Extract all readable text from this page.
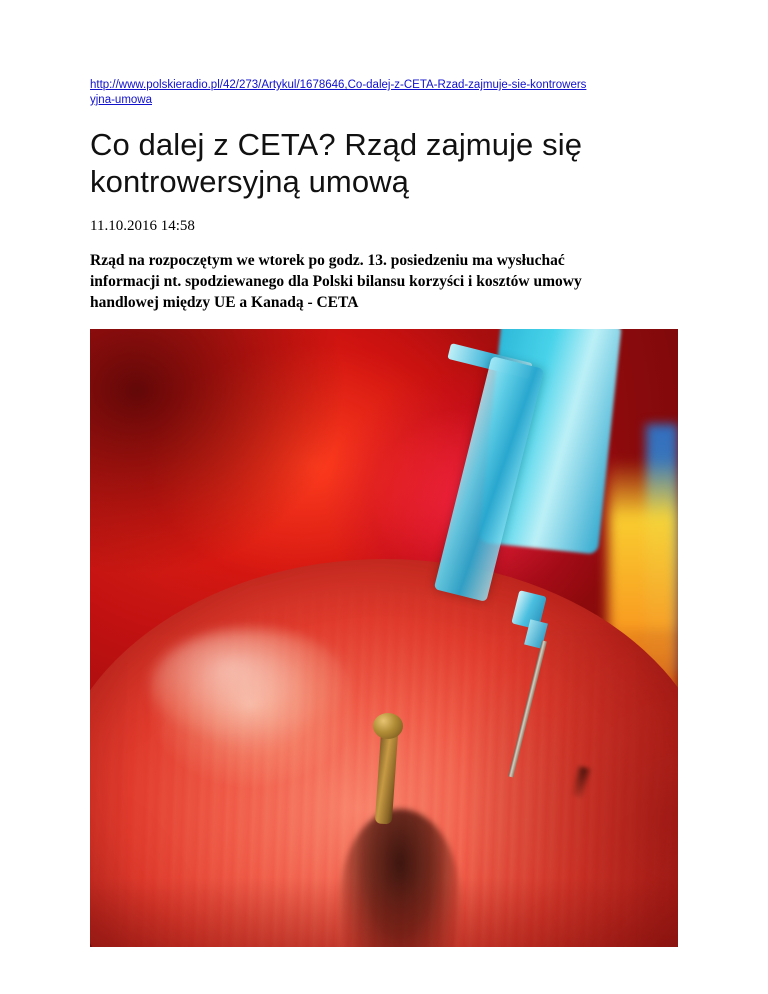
http://www.polskieradio.pl/42/273/Artykul/1678646,Co-dalej-z-CETA-Rzad-zajmuje-sie-kontrowersyjna-umowa
Co dalej z CETA? Rząd zajmuje się kontrowersyjną umową
11.10.2016 14:58

Rząd na rozpoczętym we wtorek po godz. 13. posiedzeniu ma wysłuchać informacji nt. spodziewanego dla Polski bilansu korzyści i kosztów umowy handlowej między UE a Kanadą - CETA
